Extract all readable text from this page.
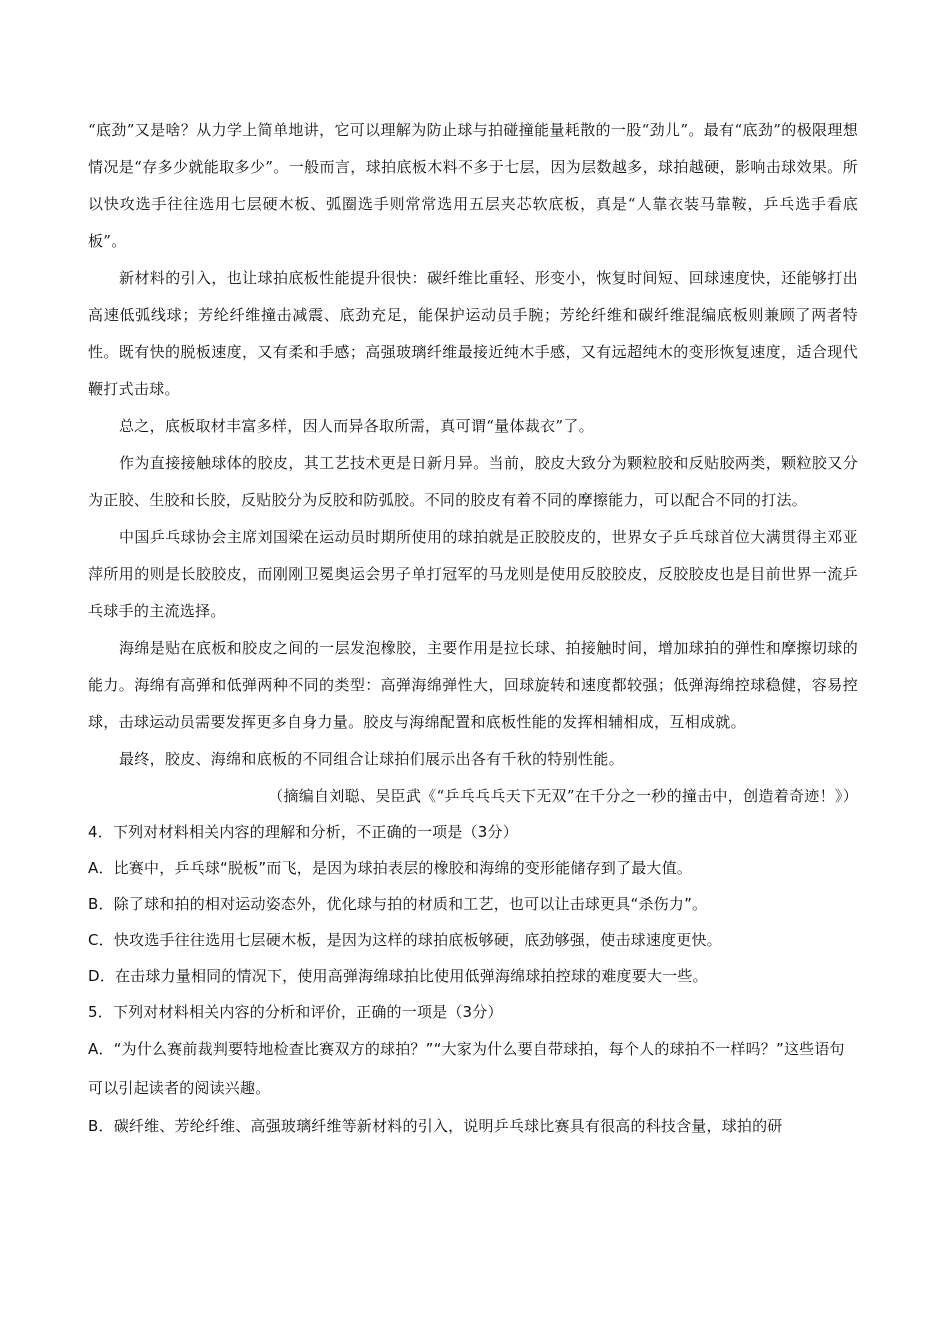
“底劲”又是啥？从力学上简单地讲，它可以理解为防止球与拍碰撞能量耗散的一股“劲儿”。最有“底劲”的极限理想情况是“存多少就能取多少”。一般而言，球拍底板木料不多于七层，因为层数越多，球拍越硬，影响击球效果。所以快攻选手往往选用七层硬木板、弧圈选手则常常选用五层夹芯软底板，真是“人靠衣装马靠鞍，乒乓选手看底板”。

新材料的引入，也让球拍底板性能提升很快：碳纤维比重轻、形变小，恢复时间短、回球速度快，还能够打出高速低弧线球；芳纶纤维撞击减震、底劲充足，能保护运动员手腕；芳纶纤维和碳纤维混编底板则兼顾了两者特性。既有快的脱板速度，又有柔和手感；高强玻璃纤维最接近纯木手感，又有远超纯木的变形恢复速度，适合现代鞭打式击球。

总之，底板取材丰富多样，因人而异各取所需，真可谓“量体裁衣”了。

作为直接接触球体的胶皮，其工艺技术更是日新月异。当前，胶皮大致分为颗粒胶和反贴胶两类，颗粒胶又分为正胶、生胶和长胶，反贴胶分为反胶和防弧胶。不同的胶皮有着不同的摩擦能力，可以配合不同的打法。

中国乒乓球协会主席刘国梁在运动员时期所使用的球拍就是正胶胶皮的，世界女子乒乓球首位大满贯得主邓亚萍所用的则是长胶胶皮，而刚刚卫冕奥运会男子单打冠军的马龙则是使用反胶胶皮，反胶胶皮也是目前世界一流乒乓球手的主流选择。

海绵是贴在底板和胶皮之间的一层发泡橡胶，主要作用是拉长球、拍接触时间，增加球拍的弹性和摩擦切球的能力。海绵有高弹和低弹两种不同的类型：高弹海绵弹性大，回球旋转和速度都较强；低弹海绵控球稳健，容易控球，击球运动员需要发挥更多自身力量。胶皮与海绵配置和底板性能的发挥相辅相成，互相成就。

最终，胶皮、海绵和底板的不同组合让球拍们展示出各有千秋的特别性能。

（摘编自刘聪、吴臣武《“乒乓乓乓天下无双”在千分之一秒的撞击中，创造着奇迹！》）

4．下列对材料相关内容的理解和分析，不正确的一项是（3分）

A．比赛中，乒乓球“脱板”而飞，是因为球拍表层的橡胶和海绵的变形能储存到了最大值。

B．除了球和拍的相对运动姿态外，优化球与拍的材质和工艺，也可以让击球更具“杀伤力”。

C．快攻选手往往选用七层硬木板，是因为这样的球拍底板够硬，底劲够强，使击球速度更快。

D．在击球力量相同的情况下，使用高弹海绵球拍比使用低弹海绵球拍控球的难度要大一些。

5．下列对材料相关内容的分析和评价，正确的一项是（3分）

A．“为什么赛前裁判要特地检查比赛双方的球拍？”“大家为什么要自带球拍，每个人的球拍不一样吗？”这些语句可以引起读者的阅读兴趣。

B．碳纤维、芳纶纤维、高强玻璃纤维等新材料的引入，说明乒乓球比赛具有很高的科技含量，球拍的研
